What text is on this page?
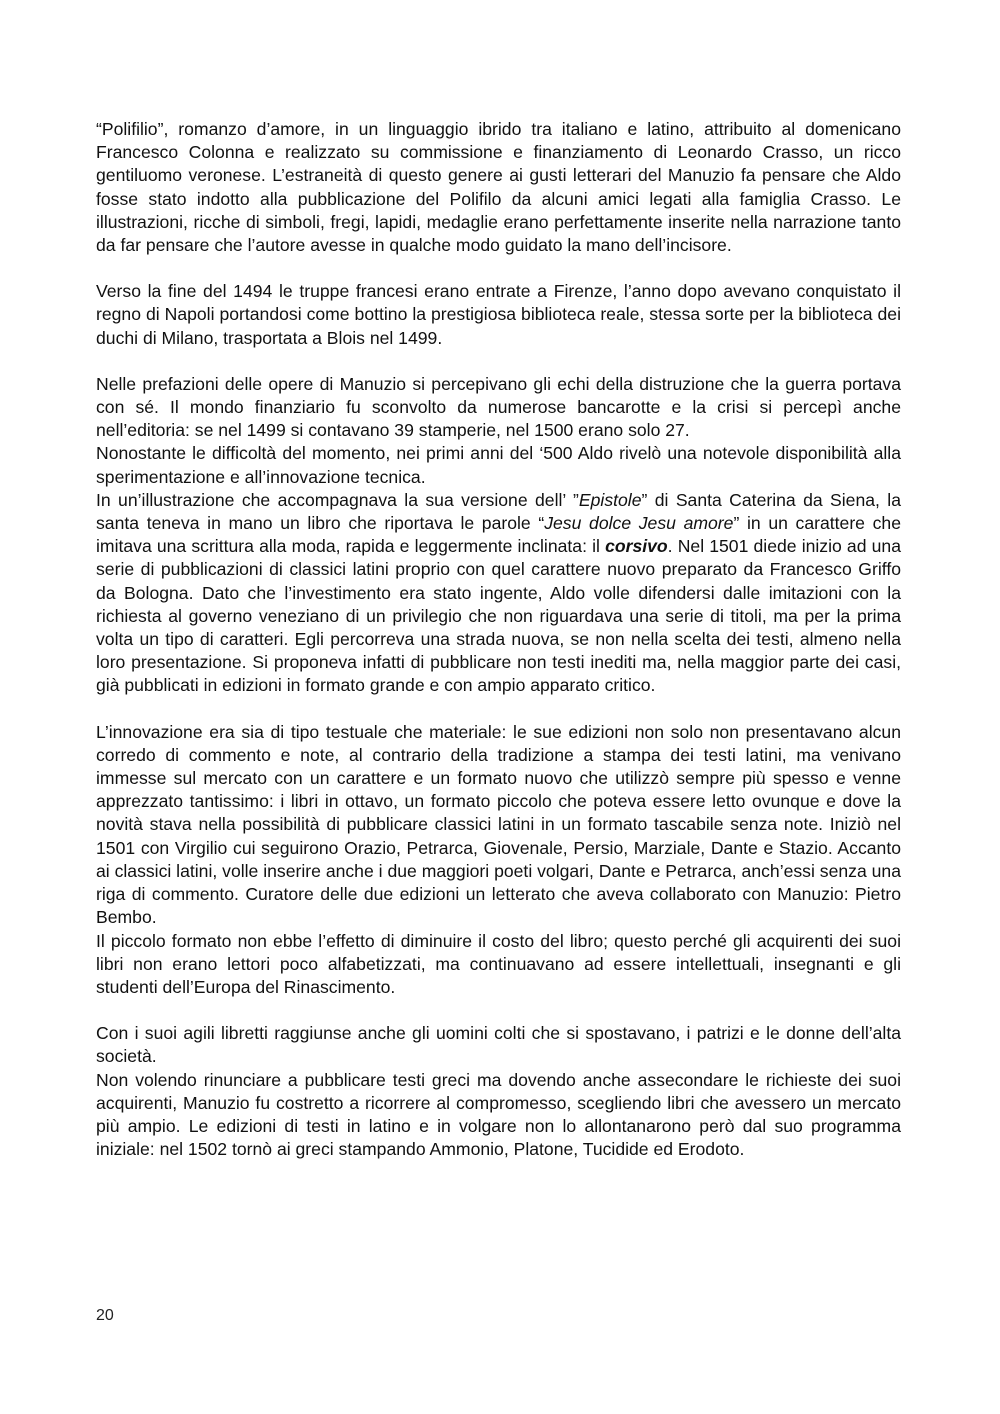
“Polifilio”, romanzo d’amore, in un linguaggio ibrido tra italiano e latino, attribuito al domenicano Francesco Colonna e realizzato su commissione e finanziamento di Leonardo Crasso, un ricco gentiluomo veronese. L’estraneità di questo genere ai gusti letterari del Manuzio fa pensare che Aldo fosse stato indotto alla pubblicazione del Polifilo da alcuni amici legati alla famiglia Crasso. Le illustrazioni, ricche di simboli, fregi, lapidi, medaglie erano perfettamente inserite nella narrazione tanto da far pensare che l’autore avesse in qualche modo guidato la mano dell’incisore.

Verso la fine del 1494 le truppe francesi erano entrate a Firenze, l’anno dopo avevano conquistato il regno di Napoli portandosi come bottino la prestigiosa biblioteca reale, stessa sorte per la biblioteca dei duchi di Milano, trasportata a Blois nel 1499.

Nelle prefazioni delle opere di Manuzio si percepivano gli echi della distruzione che la guerra portava con sé. Il mondo finanziario fu sconvolto da numerose bancarotte e la crisi si percepì anche nell’editoria: se nel 1499 si contavano 39 stamperie, nel 1500 erano solo 27.

Nonostante le difficoltà del momento, nei primi anni del ‘500 Aldo rivelò una notevole disponibilità alla sperimentazione e all’innovazione tecnica.

In un’illustrazione che accompagnava la sua versione dell’ ”Epistole” di Santa Caterina da Siena, la santa teneva in mano un libro che riportava le parole “Jesu dolce Jesu amore” in un carattere che imitava una scrittura alla moda, rapida e leggermente inclinata: il corsivo. Nel 1501 diede inizio ad una serie di pubblicazioni di classici latini proprio con quel carattere nuovo preparato da Francesco Griffo da Bologna. Dato che l’investimento era stato ingente, Aldo volle difendersi dalle imitazioni con la richiesta al governo veneziano di un privilegio che non riguardava una serie di titoli, ma per la prima volta un tipo di caratteri. Egli percorreva una strada nuova, se non nella scelta dei testi, almeno nella loro presentazione. Si proponeva infatti di pubblicare non testi inediti ma, nella maggior parte dei casi, già pubblicati in edizioni in formato grande e con ampio apparato critico.

L’innovazione era sia di tipo testuale che materiale: le sue edizioni non solo non presentavano alcun corredo di commento e note, al contrario della tradizione a stampa dei testi latini, ma venivano immesse sul mercato con un carattere e un formato nuovo che utilizzò sempre più spesso e venne apprezzato tantissimo: i libri in ottavo, un formato piccolo che poteva essere letto ovunque e dove la novità stava nella possibilità di pubblicare classici latini in un formato tascabile senza note. Iniziò nel 1501 con Virgilio cui seguirono Orazio, Petrarca, Giovenale, Persio, Marziale, Dante e Stazio. Accanto ai classici latini, volle inserire anche i due maggiori poeti volgari, Dante e Petrarca, anch’essi senza una riga di commento. Curatore delle due edizioni un letterato che aveva collaborato con Manuzio: Pietro Bembo.

Il piccolo formato non ebbe l’effetto di diminuire il costo del libro; questo perché gli acquirenti dei suoi libri non erano lettori poco alfabetizzati, ma continuavano ad essere intellettuali, insegnanti e gli studenti dell’Europa del Rinascimento.

Con i suoi agili libretti raggiunse anche gli uomini colti che si spostavano, i patrizi e le donne dell’alta società.

Non volendo rinunciare a pubblicare testi greci ma dovendo anche assecondare le richieste dei suoi acquirenti, Manuzio fu costretto a ricorrere al compromesso, scegliendo libri che avessero un mercato più ampio. Le edizioni di testi in latino e in volgare non lo allontanarono però dal suo programma iniziale: nel 1502 tornò ai greci stampando Ammonio, Platone, Tucidide ed Erodoto.

20
